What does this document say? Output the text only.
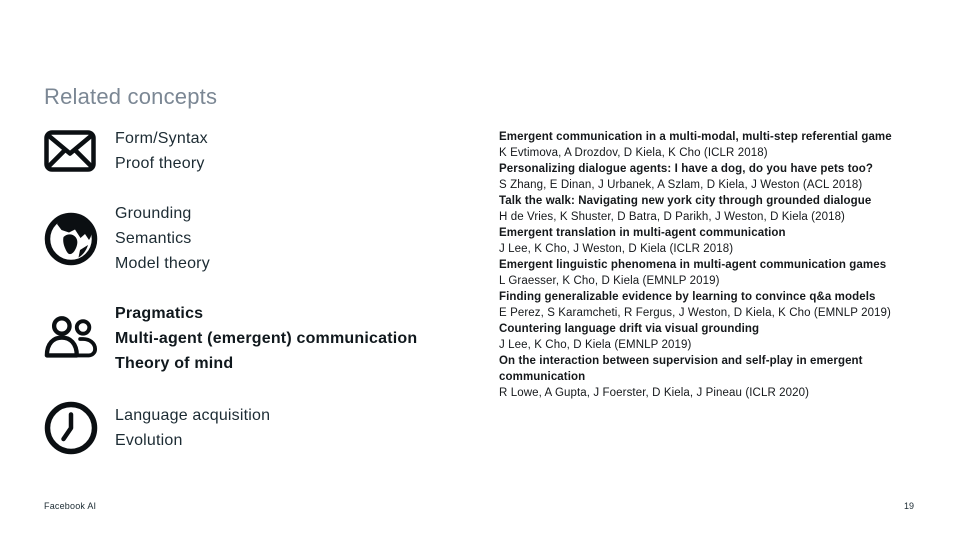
Related concepts
Form/Syntax
Proof theory
Grounding
Semantics
Model theory
Pragmatics
Multi-agent (emergent) communication
Theory of mind
Language acquisition
Evolution
Emergent communication in a multi-modal, multi-step referential game
K Evtimova, A Drozdov, D Kiela, K Cho (ICLR 2018)
Personalizing dialogue agents: I have a dog, do you have pets too?
S Zhang, E Dinan, J Urbanek, A Szlam, D Kiela, J Weston (ACL 2018)
Talk the walk: Navigating new york city through grounded dialogue
H de Vries, K Shuster, D Batra, D Parikh, J Weston, D Kiela (2018)
Emergent translation in multi-agent communication
J Lee, K Cho, J Weston, D Kiela (ICLR 2018)
Emergent linguistic phenomena in multi-agent communication games
L Graesser, K Cho, D Kiela (EMNLP 2019)
Finding generalizable evidence by learning to convince q&a models
E Perez, S Karamcheti, R Fergus, J Weston, D Kiela, K Cho (EMNLP 2019)
Countering language drift via visual grounding
J Lee, K Cho, D Kiela (EMNLP 2019)
On the interaction between supervision and self-play in emergent communication
R Lowe, A Gupta, J Foerster, D Kiela, J Pineau (ICLR 2020)
Facebook AI	19
